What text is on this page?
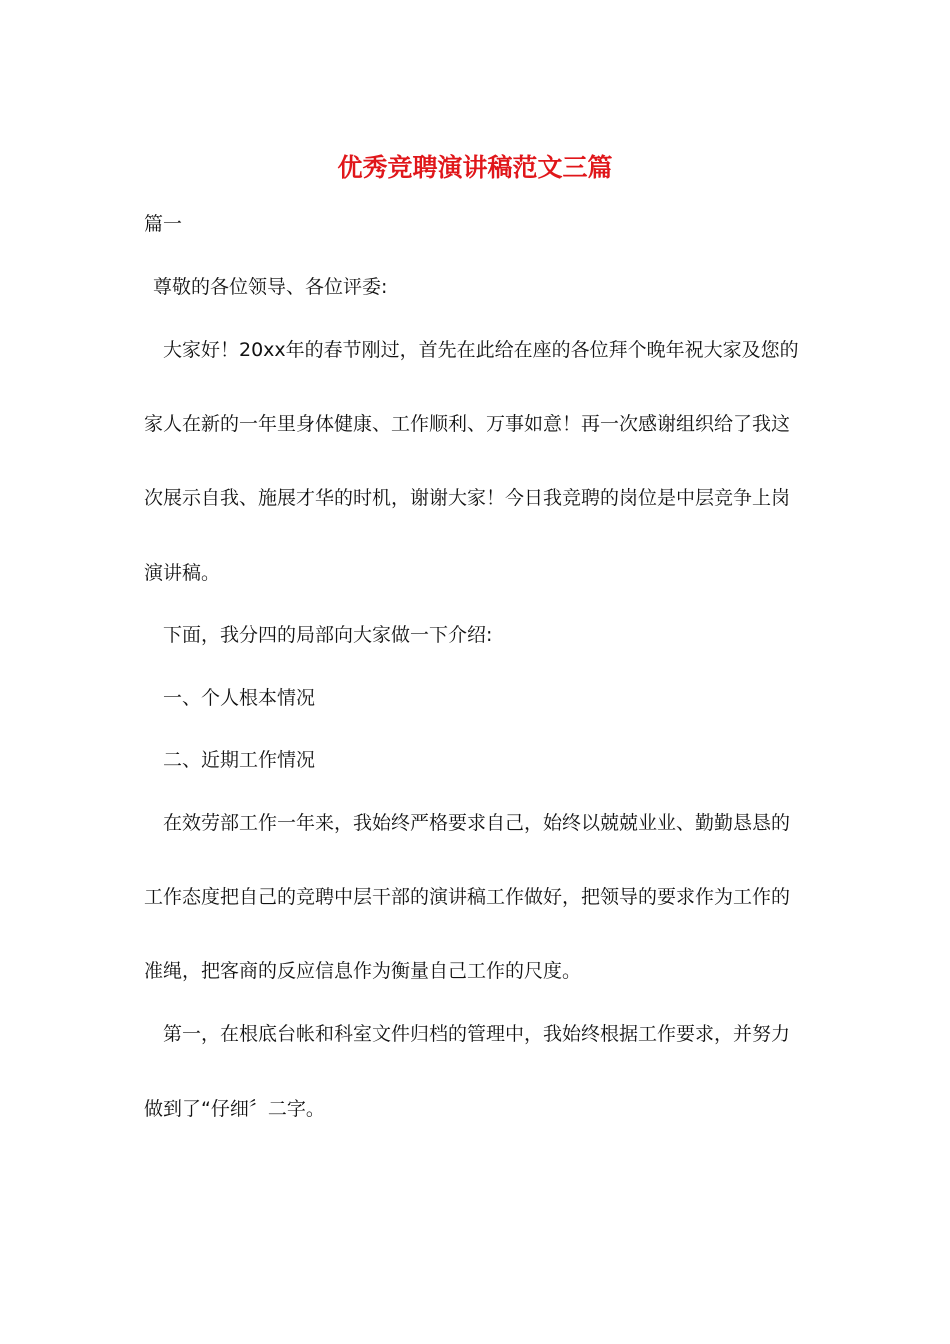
优秀竞聘演讲稿范文三篇
篇一
尊敬的各位领导、各位评委:
大家好！20xx年的春节刚过，首先在此给在座的各位拜个晚年祝大家及您的
家人在新的一年里身体健康、工作顺利、万事如意！再一次感谢组织给了我这
次展示自我、施展才华的时机，谢谢大家！今日我竞聘的岗位是中层竞争上岗
演讲稿。
下面，我分四的局部向大家做一下介绍:
一、个人根本情况
二、近期工作情况
在效劳部工作一年来，我始终严格要求自己，始终以兢兢业业、勤勤恳恳的
工作态度把自己的竞聘中层干部的演讲稿工作做好，把领导的要求作为工作的
准绳，把客商的反应信息作为衡量自己工作的尺度。
第一，在根底台帐和科室文件归档的管理中，我始终根据工作要求，并努力
做到了“仔细〞二字。
